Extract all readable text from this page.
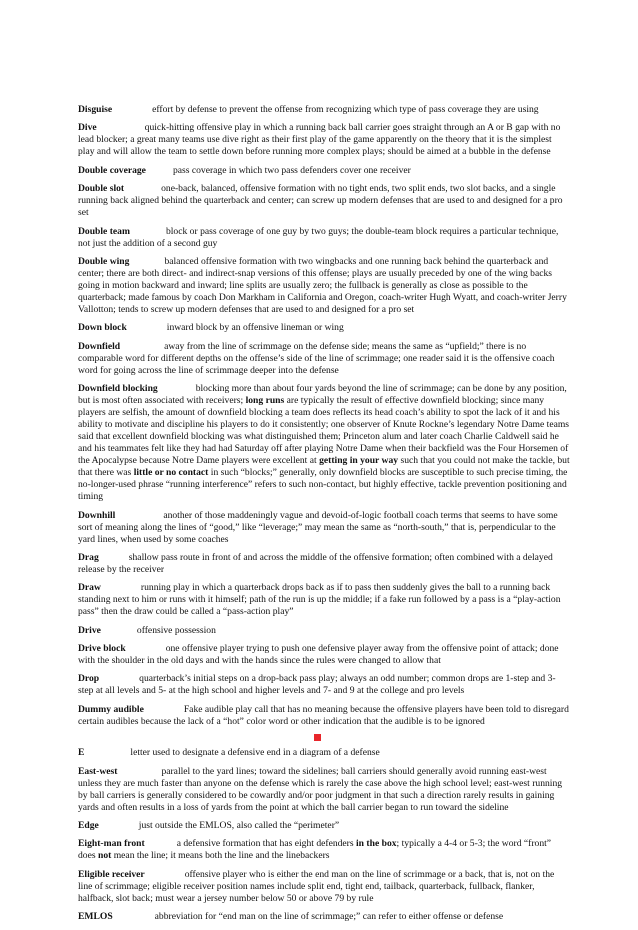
Disguise	effort by defense to prevent the offense from recognizing which type of pass coverage they are using
Dive	quick-hitting offensive play in which a running back ball carrier goes straight through an A or B gap with no lead blocker; a great many teams use dive right as their first play of the game apparently on the theory that it is the simplest play and will allow the team to settle down before running more complex plays; should be aimed at a bubble in the defense
Double coverage	pass coverage in which two pass defenders cover one receiver
Double slot	one-back, balanced, offensive formation with no tight ends, two split ends, two slot backs, and a single running back aligned behind the quarterback and center; can screw up modern defenses that are used to and designed for a pro set
Double team	block or pass coverage of one guy by two guys; the double-team block requires a particular technique, not just the addition of a second guy
Double wing	balanced offensive formation with two wingbacks and one running back behind the quarterback and center; there are both direct- and indirect-snap versions of this offense; plays are usually preceded by one of the wing backs going in motion backward and inward; line splits are usually zero; the fullback is generally as close as possible to the quarterback; made famous by coach Don Markham in California and Oregon, coach-writer Hugh Wyatt, and coach-writer Jerry Vallotton; tends to screw up modern defenses that are used to and designed for a pro set
Down block	inward block by an offensive lineman or wing
Downfield	away from the line of scrimmage on the defense side; means the same as “upfield;” there is no comparable word for different depths on the offense’s side of the line of scrimmage; one reader said it is the offensive coach word for going across the line of scrimmage deeper into the defense
Downfield blocking	blocking more than about four yards beyond the line of scrimmage; can be done by any position, but is most often associated with receivers; long runs are typically the result of effective downfield blocking; since many players are selfish, the amount of downfield blocking a team does reflects its head coach’s ability to spot the lack of it and his ability to motivate and discipline his players to do it consistently; one observer of Knute Rockne’s legendary Notre Dame teams said that excellent downfield blocking was what distinguished them; Princeton alum and later coach Charlie Caldwell said he and his teammates felt like they had had Saturday off after playing Notre Dame when their backfield was the Four Horsemen of the Apocalypse because Notre Dame players were excellent at getting in your way such that you could not make the tackle, but that there was little or no contact in such “blocks;” generally, only downfield blocks are susceptible to such precise timing, the no-longer-used phrase “running interference” refers to such non-contact, but highly effective, tackle prevention positioning and timing
Downhill	another of those maddeningly vague and devoid-of-logic football coach terms that seems to have some sort of meaning along the lines of “good,” like “leverage;” may mean the same as “north-south,” that is, perpendicular to the yard lines, when used by some coaches
Drag	shallow pass route in front of and across the middle of the offensive formation; often combined with a delayed release by the receiver
Draw	running play in which a quarterback drops back as if to pass then suddenly gives the ball to a running back standing next to him or runs with it himself; path of the run is up the middle; if a fake run followed by a pass is a “play-action pass” then the draw could be called a “pass-action play”
Drive	offensive possession
Drive block	one offensive player trying to push one defensive player away from the offensive point of attack; done with the shoulder in the old days and with the hands since the rules were changed to allow that
Drop	quarterback’s initial steps on a drop-back pass play; always an odd number; common drops are 1-step and 3-step at all levels and 5- at the high school and higher levels and 7- and 9 at the college and pro levels
Dummy audible	Fake audible play call that has no meaning because the offensive players have been told to disregard certain audibles because the lack of a “hot” color word or other indication that the audible is to be ignored
E	letter used to designate a defensive end in a diagram of a defense
East-west	parallel to the yard lines; toward the sidelines; ball carriers should generally avoid running east-west unless they are much faster than anyone on the defense which is rarely the case above the high school level; east-west running by ball carriers is generally considered to be cowardly and/or poor judgment in that such a direction rarely results in gaining yards and often results in a loss of yards from the point at which the ball carrier began to run toward the sideline
Edge	just outside the EMLOS, also called the “perimeter”
Eight-man front	a defensive formation that has eight defenders in the box; typically a 4-4 or 5-3; the word “front” does not mean the line; it means both the line and the linebackers
Eligible receiver	offensive player who is either the end man on the line of scrimmage or a back, that is, not on the line of scrimmage; eligible receiver position names include split end, tight end, tailback, quarterback, fullback, flanker, halfback, slot back; must wear a jersey number below 50 or above 79 by rule
EMLOS	abbreviation for “end man on the line of scrimmage;” can refer to either offense or defense
